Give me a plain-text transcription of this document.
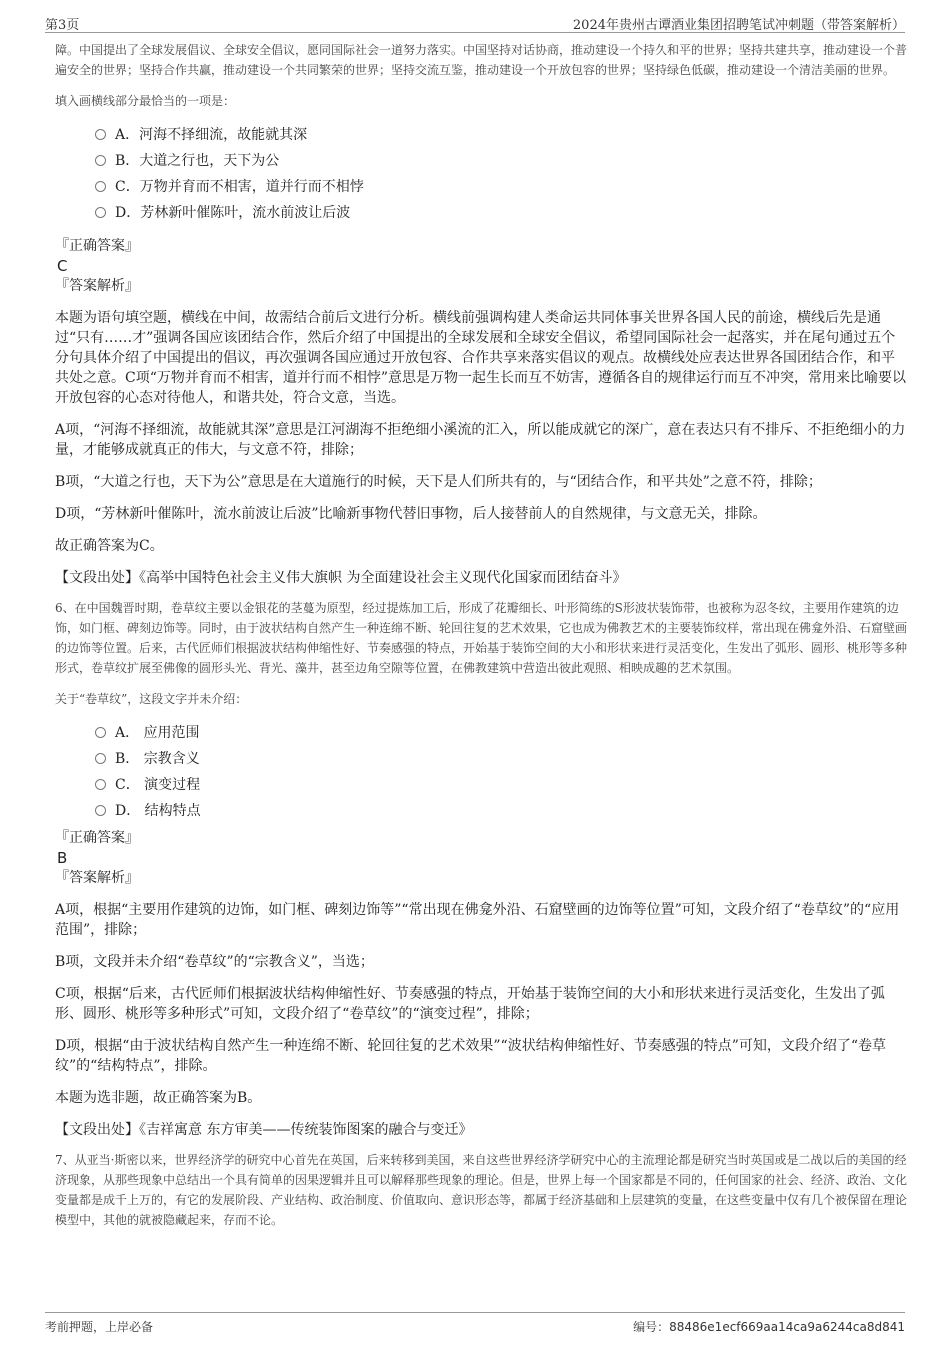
第3页	2024年贵州古谭酒业集团招聘笔试冲刺题（带答案解析）

障。中国提出了全球发展倡议、全球安全倡议，愿同国际社会一道努力落实。中国坚持对话协商，推动建设一个持久和平的世界；坚持共建共享，推动建设一个普遍安全的世界；坚持合作共赢，推动建设一个共同繁荣的世界；坚持交流互鉴，推动建设一个开放包容的世界；坚持绿色低碳，推动建设一个清洁美丽的世界。

填入画横线部分最恰当的一项是：

A．河海不择细流，故能就其深
B．大道之行也，天下为公
C．万物并育而不相害，道并行而不相悖
D．芳林新叶催陈叶，流水前波让后波
『正确答案』
C
『答案解析』

本题为语句填空题，横线在中间，故需结合前后文进行分析。横线前强调构建人类命运共同体事关世界各国人民的前途，横线后先是通过“只有……才”强调各国应该团结合作，然后介绍了中国提出的全球发展和全球安全倡议，希望同国际社会一起落实，并在尾句通过五个分句具体介绍了中国提出的倡议，再次强调各国应通过开放包容、合作共享来落实倡议的观点。故横线处应表达世界各国团结合作，和平共处之意。C项“万物并育而不相害，道并行而不相悖”意思是万物一起生长而互不妨害，遵循各自的规律运行而互不冲突，常用来比喻要以开放包容的心态对待他人，和谐共处，符合文意，当选。

A项，“河海不择细流，故能就其深”意思是江河湖海不拒绝细小溪流的汇入，所以能成就它的深广，意在表达只有不排斥、不拒绝细小的力量，才能够成就真正的伟大，与文意不符，排除；

B项，“大道之行也，天下为公”意思是在大道施行的时候，天下是人们所共有的，与“团结合作，和平共处”之意不符，排除；

D项，“芳林新叶催陈叶，流水前波让后波”比喻新事物代替旧事物，后人接替前人的自然规律，与文意无关，排除。

故正确答案为C。

【文段出处】《高举中国特色社会主义伟大旗帜 为全面建设社会主义现代化国家而团结奋斗》

6、在中国魏晋时期，卷草纹主要以金银花的茎蔓为原型，经过提炼加工后，形成了花瓣细长、叶形简练的S形波状装饰带，也被称为忍冬纹，主要用作建筑的边饰，如门框、碑刻边饰等。同时，由于波状结构自然产生一种连绵不断、轮回往复的艺术效果，它也成为佛教艺术的主要装饰纹样，常出现在佛龛外沿、石窟壁画的边饰等位置。后来，古代匠师们根据波状结构伸缩性好、节奏感强的特点，开始基于装饰空间的大小和形状来进行灵活变化，生发出了弧形、圆形、桃形等多种形式，卷草纹扩展至佛像的圆形头光、背光、藻井，甚至边角空隙等位置，在佛教建筑中营造出彼此观照、相映成趣的艺术氛围。

关于“卷草纹”，这段文字并未介绍：

A． 应用范围
B． 宗教含义
C． 演变过程
D． 结构特点
『正确答案』
B
『答案解析』

A项，根据“主要用作建筑的边饰，如门框、碑刻边饰等”“常出现在佛龛外沿、石窟壁画的边饰等位置”可知，文段介绍了“卷草纹”的“应用范围”，排除；

B项，文段并未介绍“卷草纹”的“宗教含义”，当选；

C项，根据“后来，古代匠师们根据波状结构伸缩性好、节奏感强的特点，开始基于装饰空间的大小和形状来进行灵活变化，生发出了弧形、圆形、桃形等多种形式”可知，文段介绍了“卷草纹”的“演变过程”，排除；

D项，根据“由于波状结构自然产生一种连绵不断、轮回往复的艺术效果”“波状结构伸缩性好、节奏感强的特点”可知，文段介绍了“卷草纹”的“结构特点”，排除。

本题为选非题，故正确答案为B。

【文段出处】《吉祥寓意 东方审美——传统装饰图案的融合与变迁》

7、从亚当·斯密以来，世界经济学的研究中心首先在英国，后来转移到美国，来自这些世界经济学研究中心的主流理论都是研究当时英国或是二战以后的美国的经济现象，从那些现象中总结出一个具有简单的因果逻辑并且可以解释那些现象的理论。但是，世界上每一个国家都是不同的，任何国家的社会、经济、政治、文化变量都是成千上万的，有它的发展阶段、产业结构、政治制度、价值取向、意识形态等，都属于经济基础和上层建筑的变量，在这些变量中仅有几个被保留在理论模型中，其他的就被隐藏起来，存而不论。

考前押题，上岸必备	编号：88486e1ecf669aa14ca9a6244ca8d841
